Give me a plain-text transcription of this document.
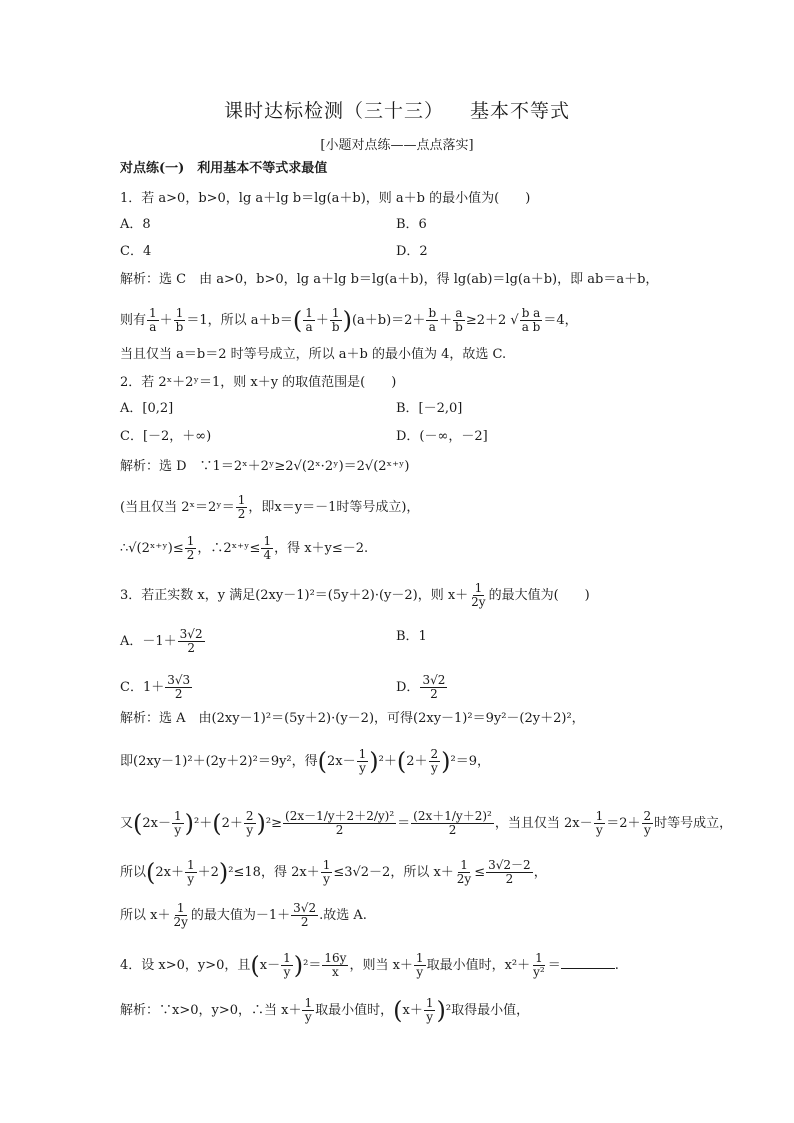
课时达标检测（三十三） 基本不等式
[小题对点练——点点落实]
对点练(一)　利用基本不等式求最值
1．若 a>0，b>0，lg a＋lg b＝lg(a＋b)，则 a＋b 的最小值为(　　)
A．8	B．6
C．4	D．2
解析：选 C　由 a>0，b>0，lg a＋lg b＝lg(a＋b)，得 lg(ab)＝lg(a＋b)，即 ab＝a＋b，
则有 $\frac{1}{a} + \frac{1}{b} =1$，所以 $a+b=( \frac{1}{a} + \frac{1}{b} )(a+b)=2+ \frac{b}{a} + \frac{a}{b} \ge 2+2$ √ $\frac{\text{b a}}{\text{a b}} =4$，
当且仅当 a＝b＝2 时等号成立，所以 a＋b 的最小值为 4，故选 C.
2．若 2ˣ＋2ʸ＝1，则 x＋y 的取值范围是(　　)
A．[0,2]	B．[－2,0]
C．[－2，＋∞)	D．(－∞，－2]
解析：选 D　∵1＝2ˣ＋2ʸ≥2√(2ˣ·2ʸ)＝2√(2ˣ⁺ʸ)
(当且仅当 2ˣ＝2ʸ＝ $\frac{1}{2}$ ，即x＝y＝－1时等号成立)，
∴√(2ˣ⁺ʸ)≤ $\frac{1}{2}$ ，∴2ˣ⁺ʸ≤ $\frac{1}{4}$ ，得 x＋y≤－2.
3．若正实数 x，y 满足(2xy－1)²＝(5y＋2)·(y－2)，则 $x+ \frac{1}{2y}$ 的最大值为(　　)
A．$-1+ \frac{3√2}{2}$	B．1
C．$1+ \frac{3√3}{2}$	D． $\frac{3√2}{2}$
解析：选 A　由(2xy－1)²＝(5y＋2)·(y－2)，可得(2xy－1)²＝9y²－(2y＋2)²，
即(2xy－1)²＋(2y＋2)²＝9y²，得$(2x- \frac{1}{y} )^2+(2+ \frac{2}{y} )^2=9$，
又$(2x- \frac{1}{y} )^2+(2+ \frac{2}{y} )^2\ge \frac{\text{(2x－1/y＋2＋2/y)²}}{2} = \frac{\text{(2x＋1/y＋2)²}}{2}$ ，当且仅当 $2x- \frac{1}{y} =2+ \frac{2}{y}$ 时等号成立，
所以$(2x+ \frac{1}{y} +2)^2\le 18$，得 $2x+ \frac{1}{y} \le 3√2-2$，所以 $x+ \frac{1}{2y} \le \frac{3√2-2}{2}$ ，
所以 $x+ \frac{1}{2y}$ 的最大值为$-1+ \frac{3√2}{2}$ .故选 A.
4．设 x>0，y>0，且$(x- \frac{1}{y} )^2= \frac{16y}{x}$ ，则当 $x+ \frac{1}{y}$ 取最小值时，$x^2+ \frac{1}{\text{y²}}$ ＝	.
解析：∵x>0，y>0，∴当 $x+ \frac{1}{y}$ 取最小值时，$(x+ \frac{1}{y} )^2$取得最小值，
